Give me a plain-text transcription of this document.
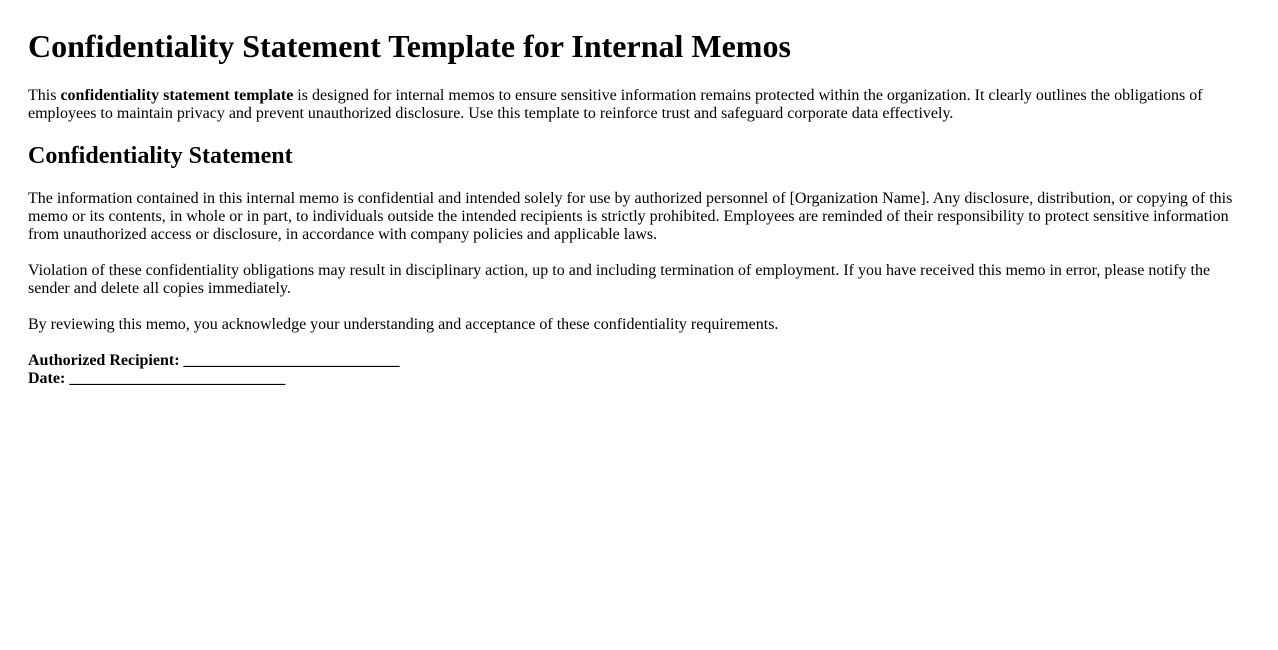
Confidentiality Statement Template for Internal Memos

This confidentiality statement template is designed for internal memos to ensure sensitive information remains protected within the organization. It clearly outlines the obligations of employees to maintain privacy and prevent unauthorized disclosure. Use this template to reinforce trust and safeguard corporate data effectively.

Confidentiality Statement

The information contained in this internal memo is confidential and intended solely for use by authorized personnel of [Organization Name]. Any disclosure, distribution, or copying of this memo or its contents, in whole or in part, to individuals outside the intended recipients is strictly prohibited. Employees are reminded of their responsibility to protect sensitive information from unauthorized access or disclosure, in accordance with company policies and applicable laws.

Violation of these confidentiality obligations may result in disciplinary action, up to and including termination of employment. If you have received this memo in error, please notify the sender and delete all copies immediately.

By reviewing this memo, you acknowledge your understanding and acceptance of these confidentiality requirements.

Authorized Recipient: ___________________________
Date: ___________________________
